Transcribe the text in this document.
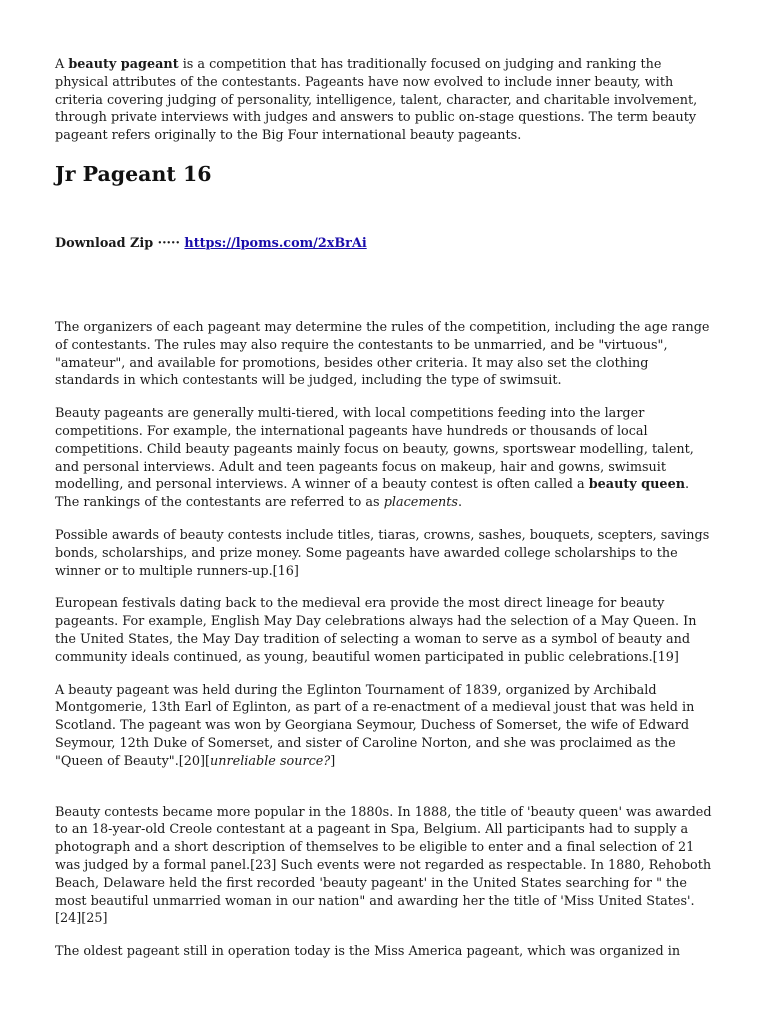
A beauty pageant is a competition that has traditionally focused on judging and ranking the physical attributes of the contestants. Pageants have now evolved to include inner beauty, with criteria covering judging of personality, intelligence, talent, character, and charitable involvement, through private interviews with judges and answers to public on-stage questions. The term beauty pageant refers originally to the Big Four international beauty pageants.

Jr Pageant 16
Download Zip ····· https://lpoms.com/2xBrAi

The organizers of each pageant may determine the rules of the competition, including the age range of contestants. The rules may also require the contestants to be unmarried, and be "virtuous", "amateur", and available for promotions, besides other criteria. It may also set the clothing standards in which contestants will be judged, including the type of swimsuit.

Beauty pageants are generally multi-tiered, with local competitions feeding into the larger competitions. For example, the international pageants have hundreds or thousands of local competitions. Child beauty pageants mainly focus on beauty, gowns, sportswear modelling, talent, and personal interviews. Adult and teen pageants focus on makeup, hair and gowns, swimsuit modelling, and personal interviews. A winner of a beauty contest is often called a beauty queen. The rankings of the contestants are referred to as placements.

Possible awards of beauty contests include titles, tiaras, crowns, sashes, bouquets, scepters, savings bonds, scholarships, and prize money. Some pageants have awarded college scholarships to the winner or to multiple runners-up.[16]

European festivals dating back to the medieval era provide the most direct lineage for beauty pageants. For example, English May Day celebrations always had the selection of a May Queen. In the United States, the May Day tradition of selecting a woman to serve as a symbol of beauty and community ideals continued, as young, beautiful women participated in public celebrations.[19]

A beauty pageant was held during the Eglinton Tournament of 1839, organized by Archibald Montgomerie, 13th Earl of Eglinton, as part of a re-enactment of a medieval joust that was held in Scotland. The pageant was won by Georgiana Seymour, Duchess of Somerset, the wife of Edward Seymour, 12th Duke of Somerset, and sister of Caroline Norton, and she was proclaimed as the "Queen of Beauty".[20][unreliable source?]

Beauty contests became more popular in the 1880s. In 1888, the title of 'beauty queen' was awarded to an 18-year-old Creole contestant at a pageant in Spa, Belgium. All participants had to supply a photograph and a short description of themselves to be eligible to enter and a final selection of 21 was judged by a formal panel.[23] Such events were not regarded as respectable. In 1880, Rehoboth Beach, Delaware held the first recorded 'beauty pageant' in the United States searching for " the most beautiful unmarried woman in our nation" and awarding her the title of 'Miss United States'.[24][25]

The oldest pageant still in operation today is the Miss America pageant, which was organized in
